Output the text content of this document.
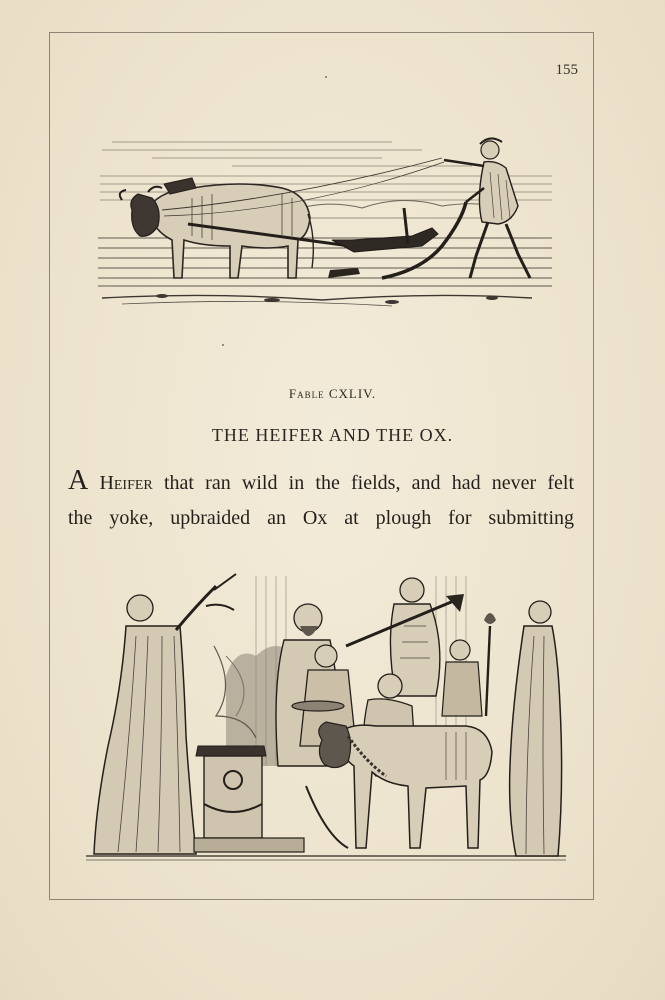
155
Fable CXLIV.
THE HEIFER AND THE OX.
A Heifer that ran wild in the fields, and had never felt
the yoke, upbraided an Ox at plough for submitting
